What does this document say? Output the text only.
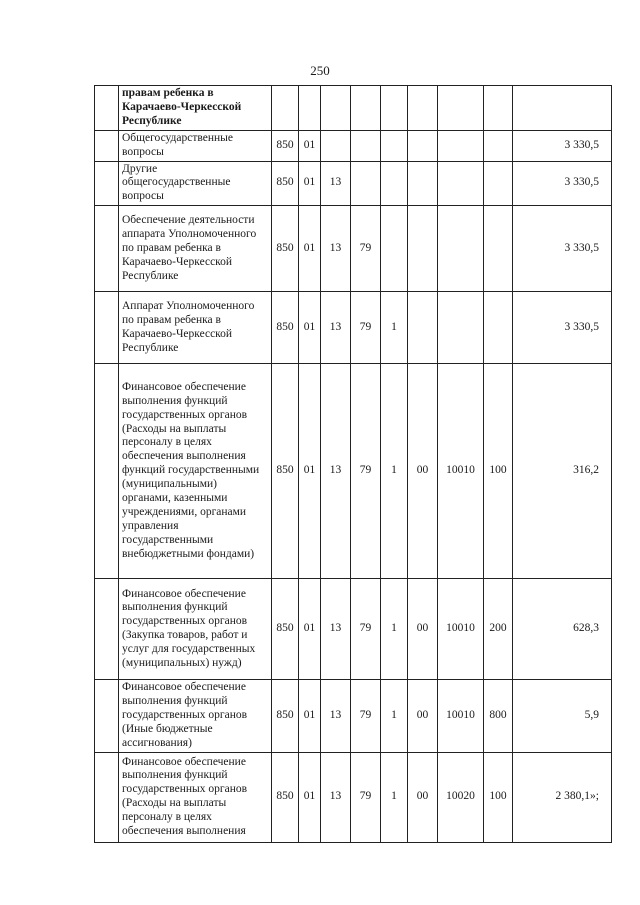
250
	правам ребенка в Карачаево-Черкесской Республике									
	Общегосударственные вопросы	850	01							3 330,5
	Другие общегосударственные вопросы	850	01	13						3 330,5
	Обеспечение деятельности аппарата Уполномоченного по правам ребенка в Карачаево-Черкесской Республике	850	01	13	79					3 330,5
	Аппарат Уполномоченного по правам ребенка в Карачаево-Черкесской Республике	850	01	13	79	1				3 330,5
	Финансовое обеспечение выполнения функций государственных органов (Расходы на выплаты персоналу в целях обеспечения выполнения функций государственными (муниципальными) органами, казенными учреждениями, органами управления государственными внебюджетными фондами)	850	01	13	79	1	00	10010	100	316,2
	Финансовое обеспечение выполнения функций государственных органов (Закупка товаров, работ и услуг для государственных (муниципальных) нужд)	850	01	13	79	1	00	10010	200	628,3
	Финансовое обеспечение выполнения функций государственных органов (Иные бюджетные ассигнования)	850	01	13	79	1	00	10010	800	5,9
	Финансовое обеспечение выполнения функций государственных органов (Расходы на выплаты персоналу в целях обеспечения выполнения	850	01	13	79	1	00	10020	100	2 380,1»;
